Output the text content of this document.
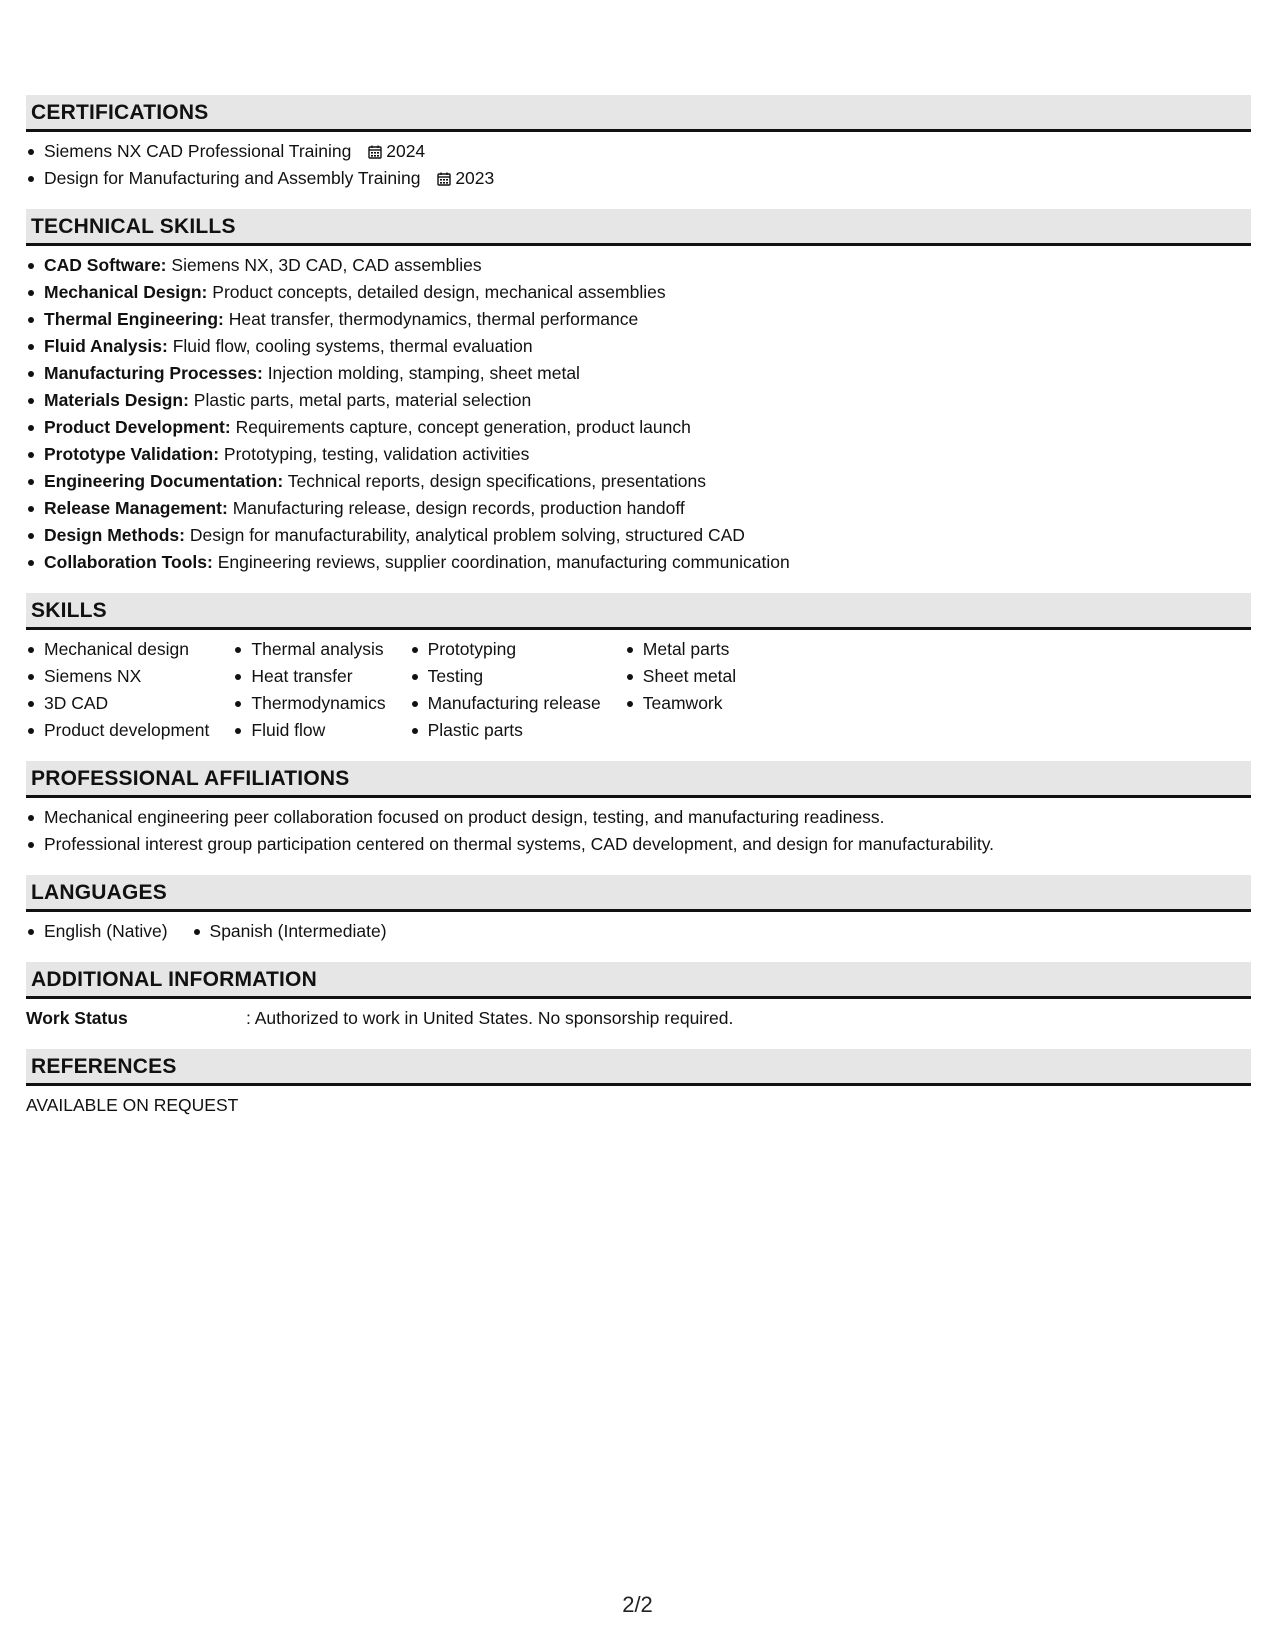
CERTIFICATIONS
Siemens NX CAD Professional Training 2024
Design for Manufacturing and Assembly Training 2023
TECHNICAL SKILLS
CAD Software: Siemens NX, 3D CAD, CAD assemblies
Mechanical Design: Product concepts, detailed design, mechanical assemblies
Thermal Engineering: Heat transfer, thermodynamics, thermal performance
Fluid Analysis: Fluid flow, cooling systems, thermal evaluation
Manufacturing Processes: Injection molding, stamping, sheet metal
Materials Design: Plastic parts, metal parts, material selection
Product Development: Requirements capture, concept generation, product launch
Prototype Validation: Prototyping, testing, validation activities
Engineering Documentation: Technical reports, design specifications, presentations
Release Management: Manufacturing release, design records, production handoff
Design Methods: Design for manufacturability, analytical problem solving, structured CAD
Collaboration Tools: Engineering reviews, supplier coordination, manufacturing communication
SKILLS
Mechanical design
Siemens NX
3D CAD
Product development
Thermal analysis
Heat transfer
Thermodynamics
Fluid flow
Prototyping
Testing
Manufacturing release
Plastic parts
Metal parts
Sheet metal
Teamwork
PROFESSIONAL AFFILIATIONS
Mechanical engineering peer collaboration focused on product design, testing, and manufacturing readiness.
Professional interest group participation centered on thermal systems, CAD development, and design for manufacturability.
LANGUAGES
English (Native)	Spanish (Intermediate)
ADDITIONAL INFORMATION
Work Status	: Authorized to work in United States. No sponsorship required.
REFERENCES
AVAILABLE ON REQUEST
2/2
